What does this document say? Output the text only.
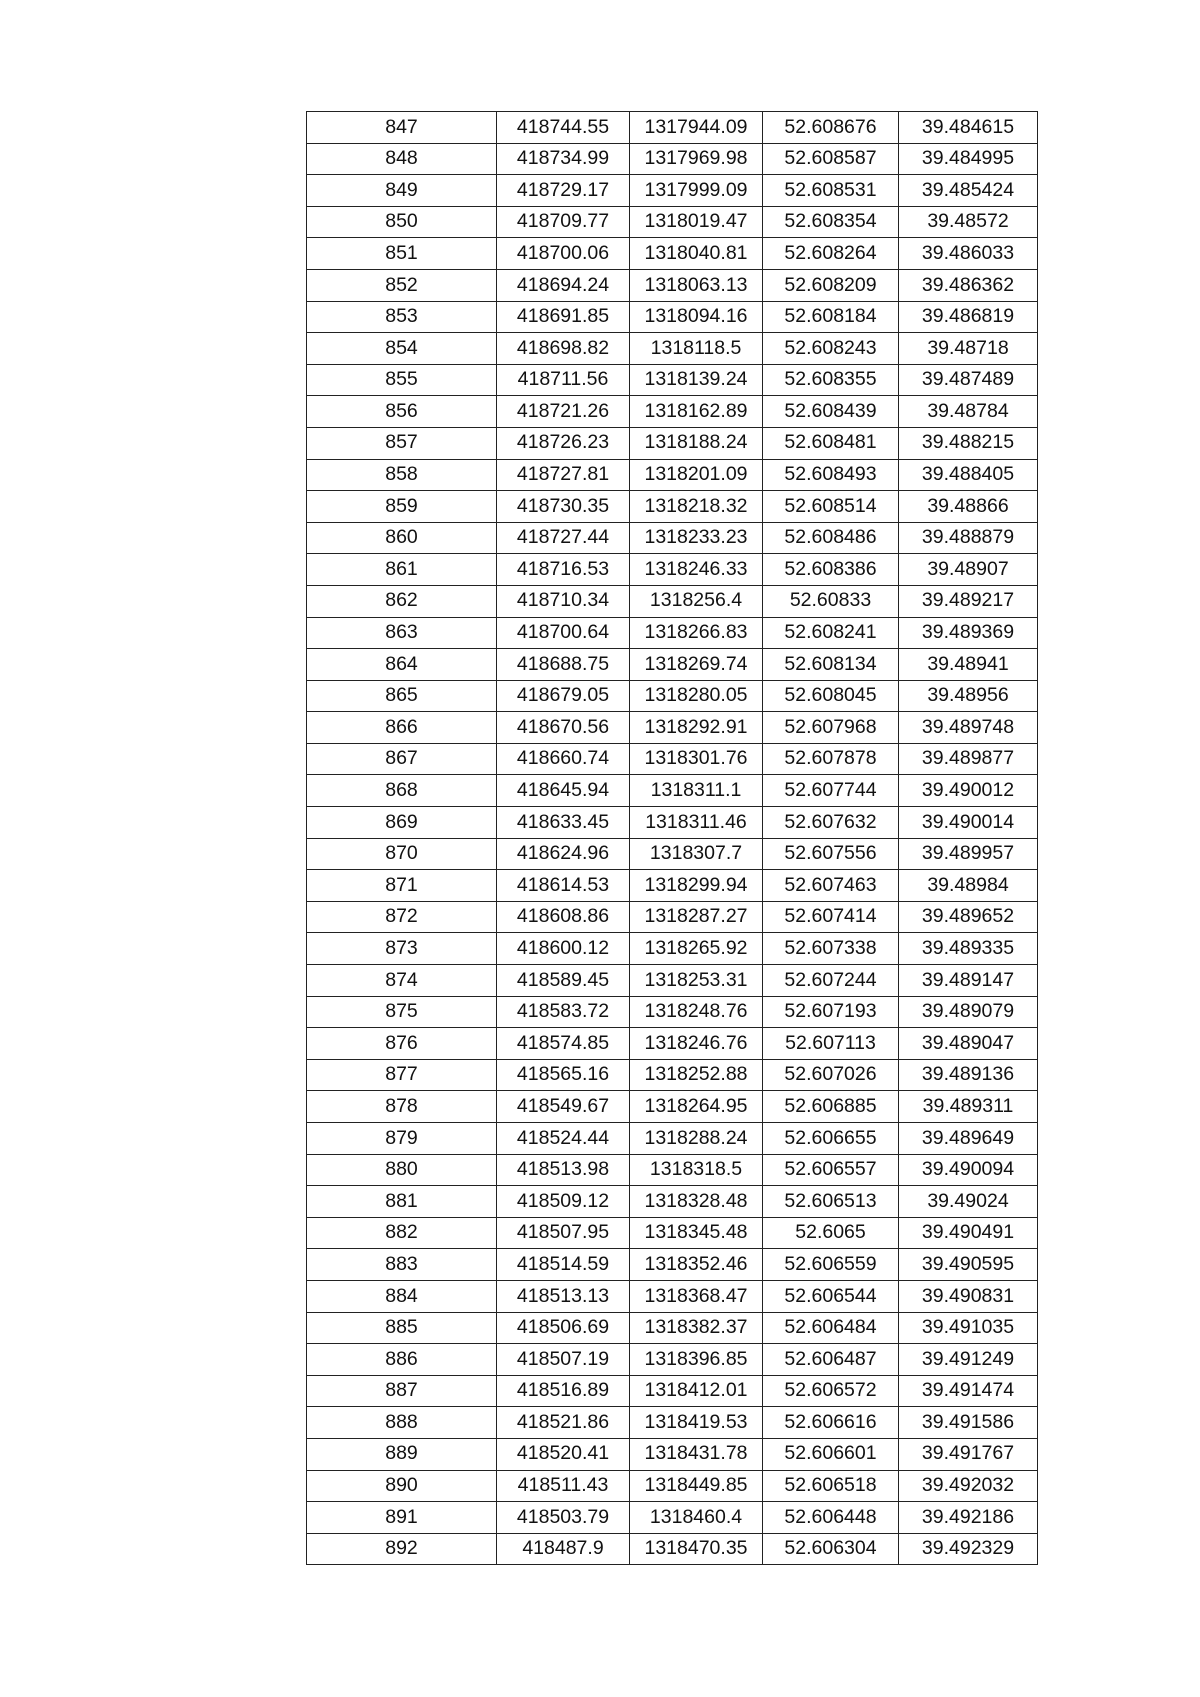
847	418744.55	1317944.09	52.608676	39.484615
848	418734.99	1317969.98	52.608587	39.484995
849	418729.17	1317999.09	52.608531	39.485424
850	418709.77	1318019.47	52.608354	39.48572
851	418700.06	1318040.81	52.608264	39.486033
852	418694.24	1318063.13	52.608209	39.486362
853	418691.85	1318094.16	52.608184	39.486819
854	418698.82	1318118.5	52.608243	39.48718
855	418711.56	1318139.24	52.608355	39.487489
856	418721.26	1318162.89	52.608439	39.48784
857	418726.23	1318188.24	52.608481	39.488215
858	418727.81	1318201.09	52.608493	39.488405
859	418730.35	1318218.32	52.608514	39.48866
860	418727.44	1318233.23	52.608486	39.488879
861	418716.53	1318246.33	52.608386	39.48907
862	418710.34	1318256.4	52.60833	39.489217
863	418700.64	1318266.83	52.608241	39.489369
864	418688.75	1318269.74	52.608134	39.48941
865	418679.05	1318280.05	52.608045	39.48956
866	418670.56	1318292.91	52.607968	39.489748
867	418660.74	1318301.76	52.607878	39.489877
868	418645.94	1318311.1	52.607744	39.490012
869	418633.45	1318311.46	52.607632	39.490014
870	418624.96	1318307.7	52.607556	39.489957
871	418614.53	1318299.94	52.607463	39.48984
872	418608.86	1318287.27	52.607414	39.489652
873	418600.12	1318265.92	52.607338	39.489335
874	418589.45	1318253.31	52.607244	39.489147
875	418583.72	1318248.76	52.607193	39.489079
876	418574.85	1318246.76	52.607113	39.489047
877	418565.16	1318252.88	52.607026	39.489136
878	418549.67	1318264.95	52.606885	39.489311
879	418524.44	1318288.24	52.606655	39.489649
880	418513.98	1318318.5	52.606557	39.490094
881	418509.12	1318328.48	52.606513	39.49024
882	418507.95	1318345.48	52.6065	39.490491
883	418514.59	1318352.46	52.606559	39.490595
884	418513.13	1318368.47	52.606544	39.490831
885	418506.69	1318382.37	52.606484	39.491035
886	418507.19	1318396.85	52.606487	39.491249
887	418516.89	1318412.01	52.606572	39.491474
888	418521.86	1318419.53	52.606616	39.491586
889	418520.41	1318431.78	52.606601	39.491767
890	418511.43	1318449.85	52.606518	39.492032
891	418503.79	1318460.4	52.606448	39.492186
892	418487.9	1318470.35	52.606304	39.492329
